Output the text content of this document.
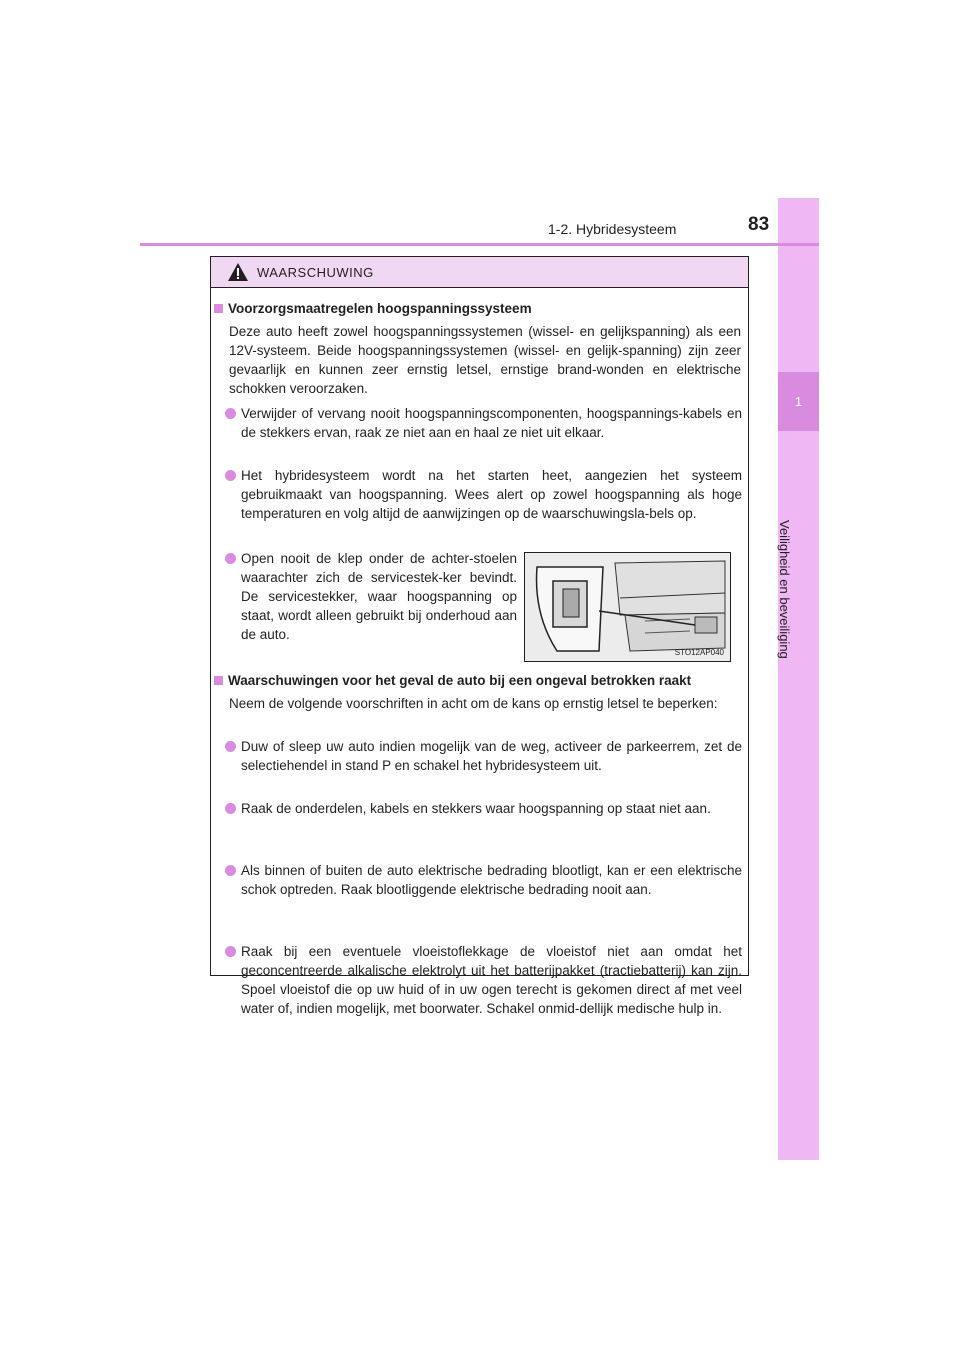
1
Veiligheid en beveiliging
1-2. Hybridesysteem	83
WAARSCHUWING
Voorzorgsmaatregelen hoogspanningssysteem
Deze auto heeft zowel hoogspanningssystemen (wissel- en gelijkspanning) als een 12V-systeem. Beide hoogspanningssystemen (wissel- en gelijk-spanning) zijn zeer gevaarlijk en kunnen zeer ernstig letsel, ernstige brand-wonden en elektrische schokken veroorzaken.
Verwijder of vervang nooit hoogspanningscomponenten, hoogspannings-kabels en de stekkers ervan, raak ze niet aan en haal ze niet uit elkaar.
Het hybridesysteem wordt na het starten heet, aangezien het systeem gebruikmaakt van hoogspanning. Wees alert op zowel hoogspanning als hoge temperaturen en volg altijd de aanwijzingen op de waarschuwingsla-bels op.
Open nooit de klep onder de achter-stoelen waarachter zich de servicestek-ker bevindt. De servicestekker, waar hoogspanning op staat, wordt alleen gebruikt bij onderhoud aan de auto.
STO12AP040
Waarschuwingen voor het geval de auto bij een ongeval betrokken raakt
Neem de volgende voorschriften in acht om de kans op ernstig letsel te beperken:
Duw of sleep uw auto indien mogelijk van de weg, activeer de parkeerrem, zet de selectiehendel in stand P en schakel het hybridesysteem uit.
Raak de onderdelen, kabels en stekkers waar hoogspanning op staat niet aan.
Als binnen of buiten de auto elektrische bedrading blootligt, kan er een elektrische schok optreden. Raak blootliggende elektrische bedrading nooit aan.
Raak bij een eventuele vloeistoflekkage de vloeistof niet aan omdat het geconcentreerde alkalische elektrolyt uit het batterijpakket (tractiebatterij) kan zijn. Spoel vloeistof die op uw huid of in uw ogen terecht is gekomen direct af met veel water of, indien mogelijk, met boorwater. Schakel onmid-dellijk medische hulp in.
